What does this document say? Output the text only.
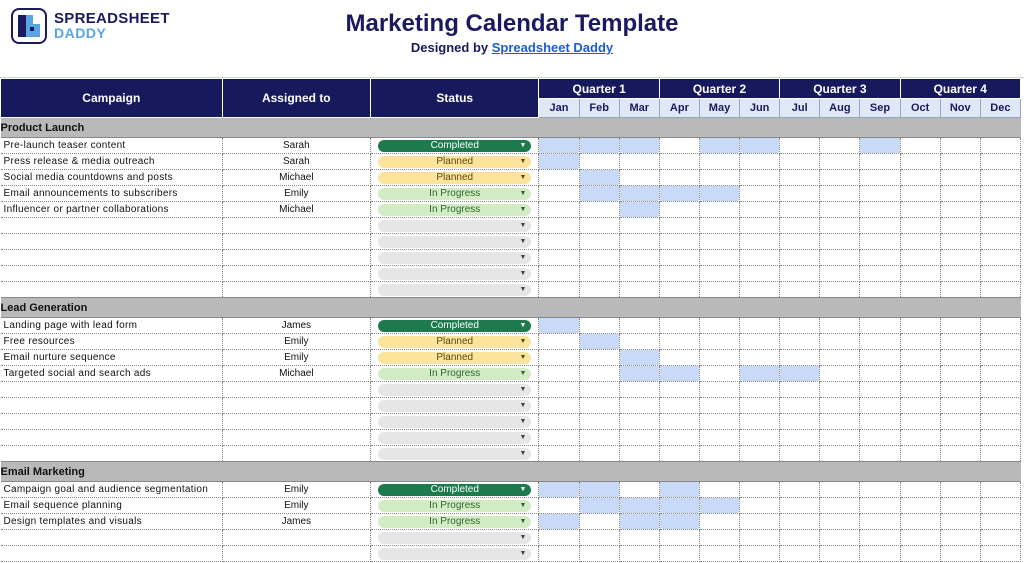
SPREADSHEET
DADDY	Marketing Calendar Template
Designed by Spreadsheet Daddy
Campaign	Assigned to	Status	Quarter 1			Quarter 2			Quarter 3			Quarter 4		
			Jan	Feb	Mar	Apr	May	Jun	Jul	Aug	Sep	Oct	Nov	Dec
Product Launch														
Pre-launch teaser content	Sarah	Completed ▼												

Press release & media outreach	Sarah	Planned ▼												

Social media countdowns and posts	Michael	Planned ▼												

Email announcements to subscribers	Emily	In Progress ▼												

Influencer or partner collaborations	Michael	In Progress ▼												

		▼												

		▼												

		▼												

		▼												

		▼												

Lead Generation														
Landing page with lead form	James	Completed ▼												

Free resources	Emily	Planned ▼												

Email nurture sequence	Emily	Planned ▼												

Targeted social and search ads	Michael	In Progress ▼												

		▼												

		▼												

		▼												

		▼												

		▼												

Email Marketing														
Campaign goal and audience segmentation	Emily	Completed ▼												

Email sequence planning	Emily	In Progress ▼												

Design templates and visuals	James	In Progress ▼												

		▼												

		▼												
